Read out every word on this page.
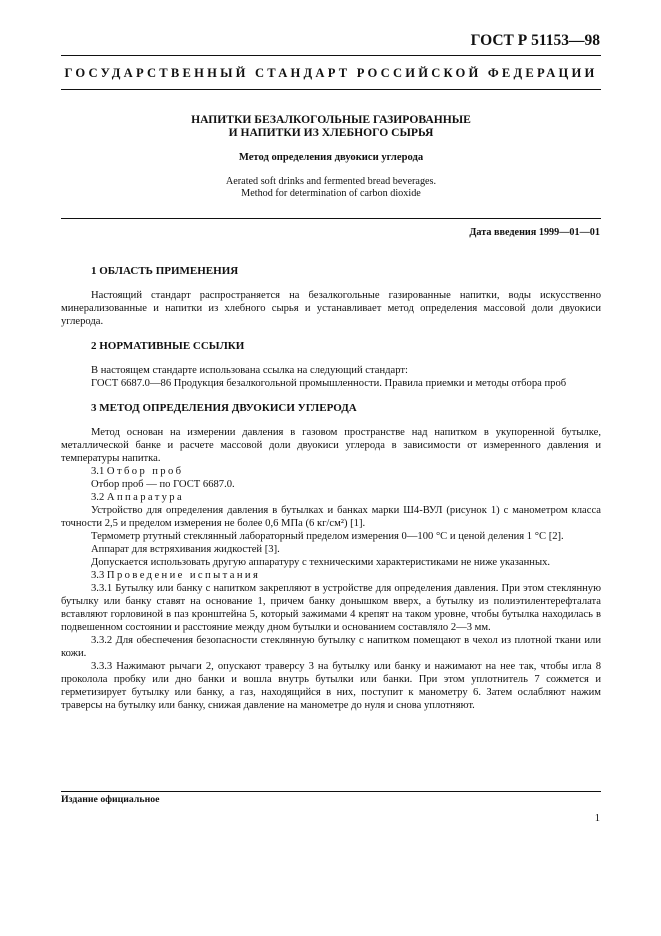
ГОСТ Р 51153—98
ГОСУДАРСТВЕННЫЙ СТАНДАРТ РОССИЙСКОЙ ФЕДЕРАЦИИ
НАПИТКИ БЕЗАЛКОГОЛЬНЫЕ ГАЗИРОВАННЫЕ
И НАПИТКИ ИЗ ХЛЕБНОГО СЫРЬЯ
Метод определения двуокиси углерода
Aerated soft drinks and fermented bread beverages.
Method for determination of carbon dioxide
Дата введения 1999—01—01
1 ОБЛАСТЬ ПРИМЕНЕНИЯ

Настоящий стандарт распространяется на безалкогольные газированные напитки, воды искусственно минерализованные и напитки из хлебного сырья и устанавливает метод определения массовой доли двуокиси углерода.

2 НОРМАТИВНЫЕ ССЫЛКИ

В настоящем стандарте использована ссылка на следующий стандарт:

ГОСТ 6687.0—86 Продукция безалкогольной промышленности. Правила приемки и методы отбора проб

3 МЕТОД ОПРЕДЕЛЕНИЯ ДВУОКИСИ УГЛЕРОДА

Метод основан на измерении давления в газовом пространстве над напитком в укупоренной бутылке, металлической банке и расчете массовой доли двуокиси углерода в зависимости от измеренного давления и температуры напитка.

3.1 Отбор проб

Отбор проб — по ГОСТ 6687.0.

3.2 Аппаратура

Устройство для определения давления в бутылках и банках марки Ш4-ВУЛ (рисунок 1) с манометром класса точности 2,5 и пределом измерения не более 0,6 МПа (6 кг/см²) [1].

Термометр ртутный стеклянный лабораторный пределом измерения 0—100 °С и ценой деления 1 °С [2].

Аппарат для встряхивания жидкостей [3].

Допускается использовать другую аппаратуру с техническими характеристиками не ниже указанных.

3.3 Проведение испытания

3.3.1 Бутылку или банку с напитком закрепляют в устройстве для определения давления. При этом стеклянную бутылку или банку ставят на основание 1, причем банку донышком вверх, а бутылку из полиэтилентерефталата вставляют горловиной в паз кронштейна 5, который зажимами 4 крепят на таком уровне, чтобы бутылка находилась в подвешенном состоянии и расстояние между дном бутылки и основанием составляло 2—3 мм.

3.3.2 Для обеспечения безопасности стеклянную бутылку с напитком помещают в чехол из плотной ткани или кожи.

3.3.3 Нажимают рычаги 2, опускают траверсу 3 на бутылку или банку и нажимают на нее так, чтобы игла 8 проколола пробку или дно банки и вошла внутрь бутылки или банки. При этом уплотнитель 7 сожмется и герметизирует бутылку или банку, а газ, находящийся в них, поступит к манометру 6. Затем ослабляют нажим траверсы на бутылку или банку, снижая давление на манометре до нуля и снова уплотняют.

Издание официальное
1
